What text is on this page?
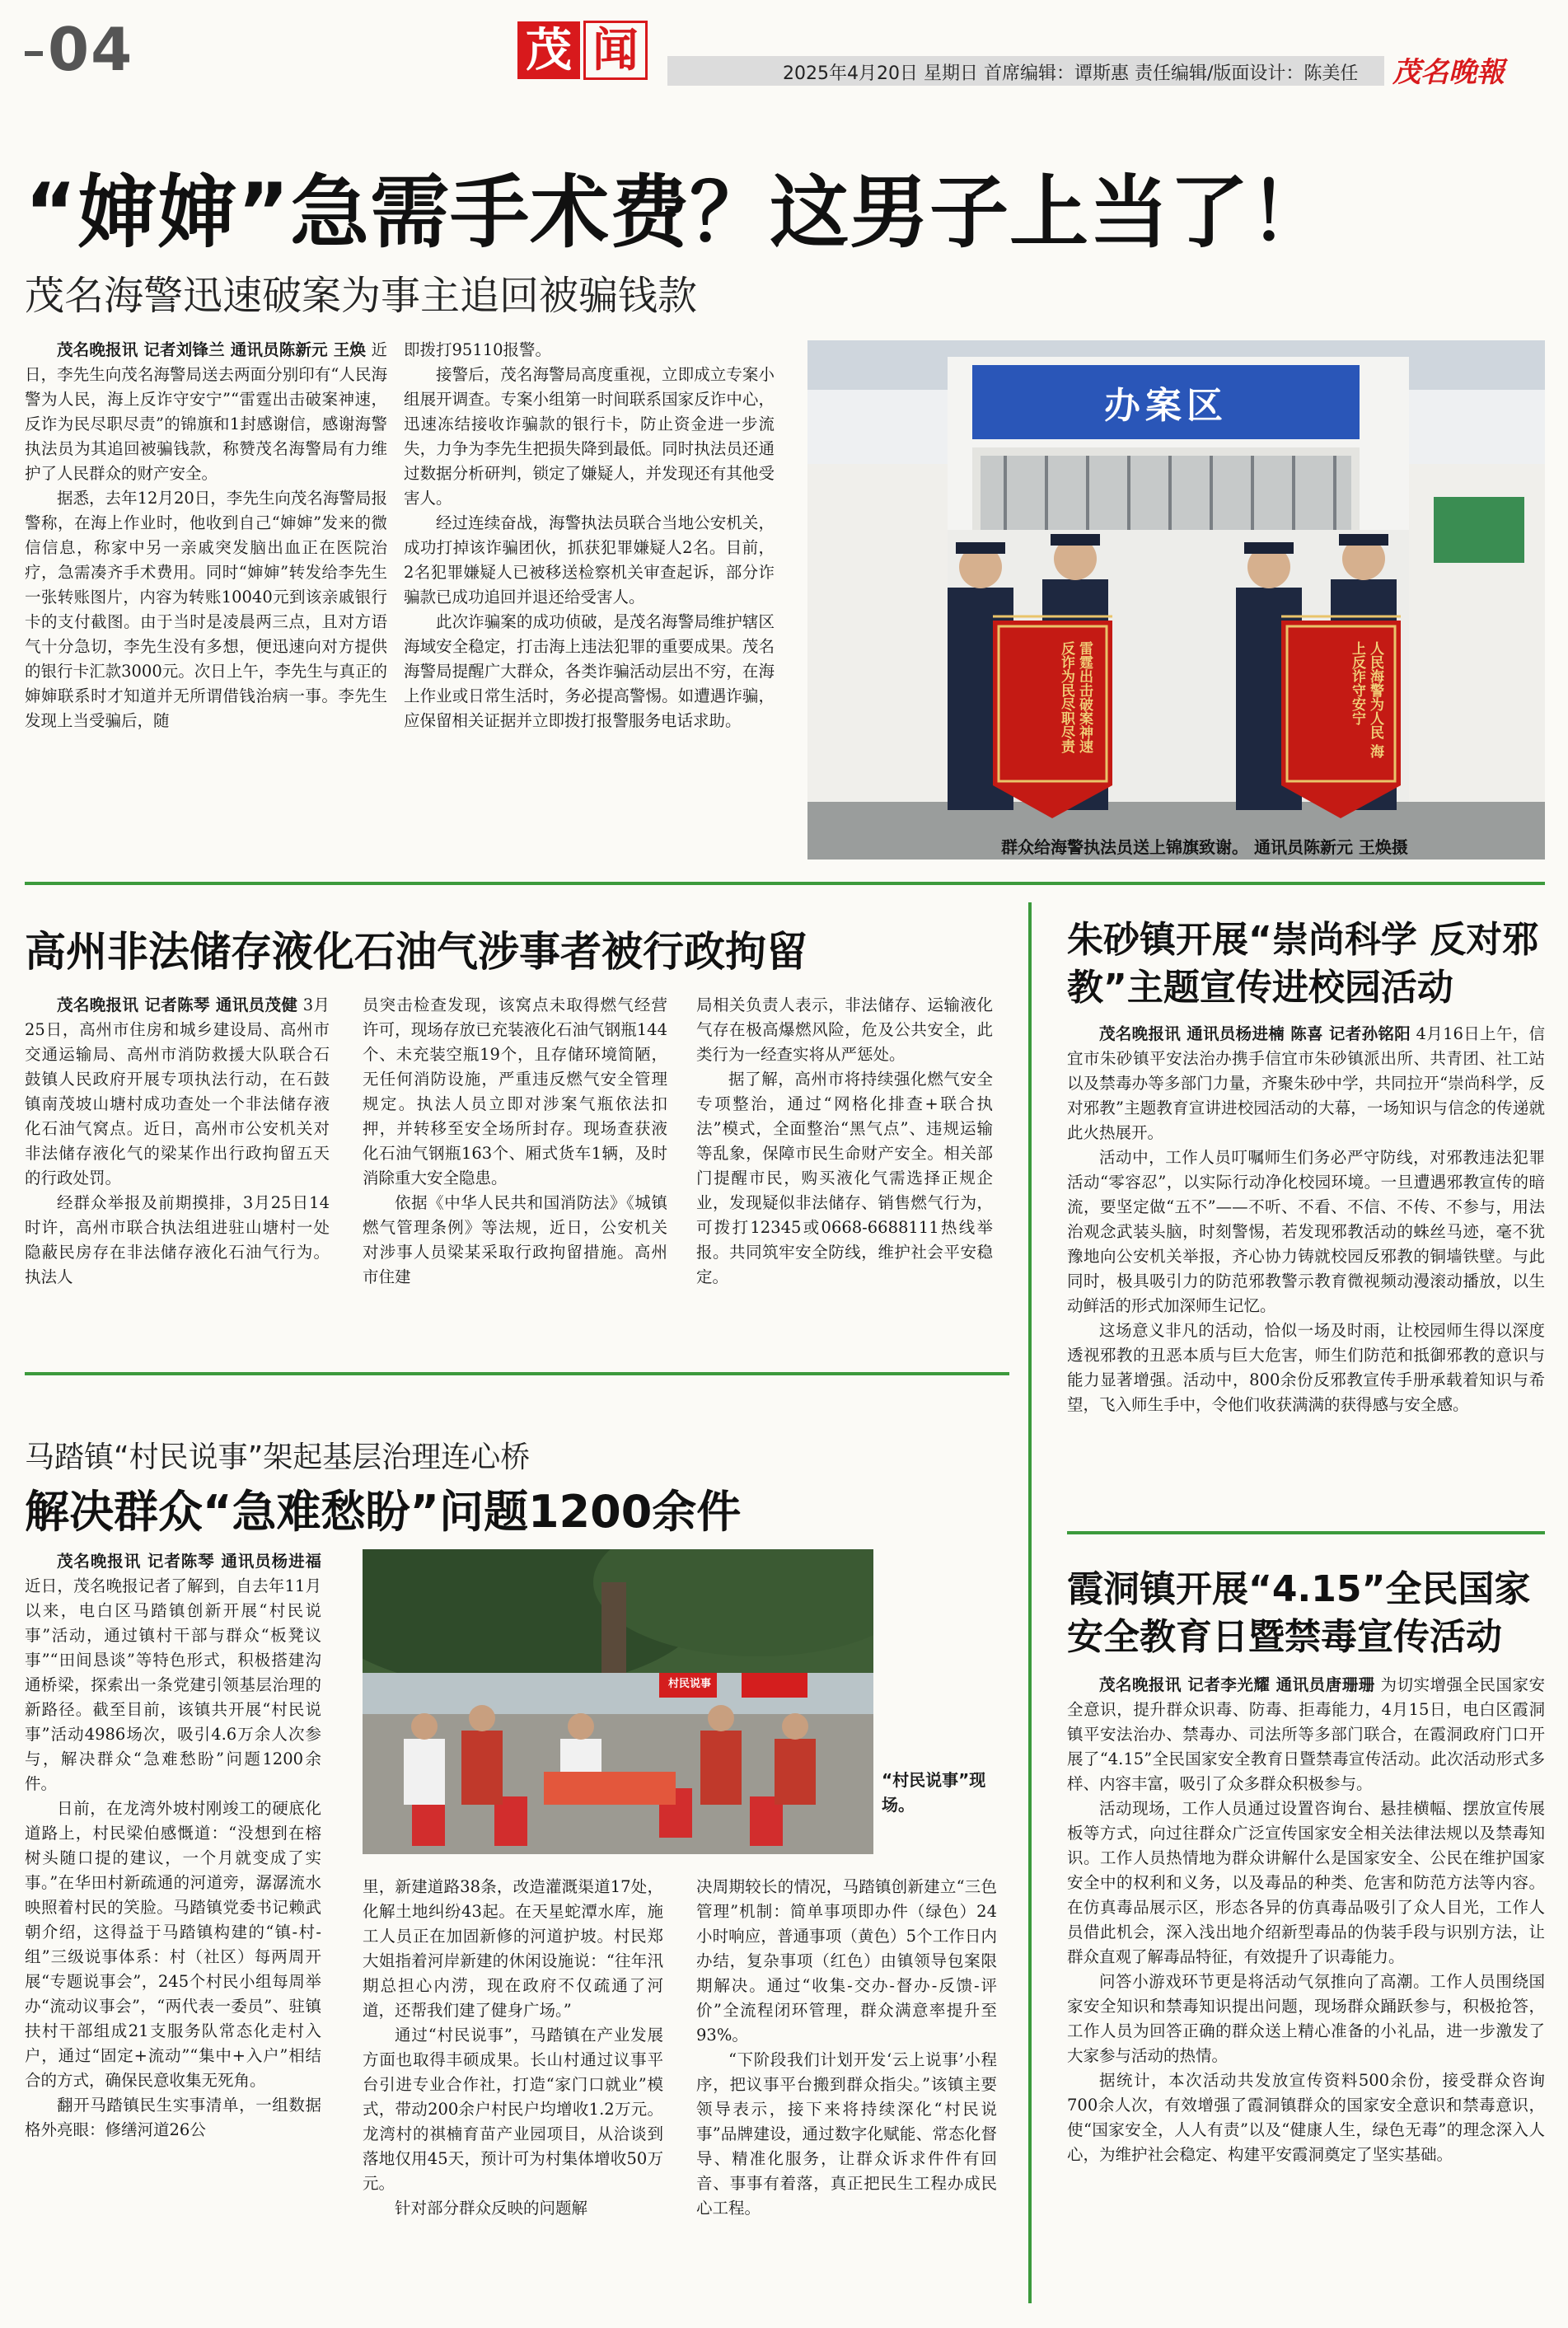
04	茂 闻	2025年4月20日 星期日 首席编辑：谭斯惠 责任编辑/版面设计：陈美任 茂名晚報
“婶婶”急需手术费？这男子上当了！
茂名海警迅速破案为事主追回被骗钱款

茂名晚报讯 记者刘锋兰 通讯员陈新元 王焕 近日，李先生向茂名海警局送去两面分别印有“人民海警为人民，海上反诈守安宁”“雷霆出击破案神速，反诈为民尽职尽责”的锦旗和1封感谢信，感谢海警执法员为其追回被骗钱款，称赞茂名海警局有力维护了人民群众的财产安全。

据悉，去年12月20日，李先生向茂名海警局报警称，在海上作业时，他收到自己“婶婶”发来的微信信息，称家中另一亲戚突发脑出血正在医院治疗，急需凑齐手术费用。同时“婶婶”转发给李先生一张转账图片，内容为转账10040元到该亲戚银行卡的支付截图。由于当时是凌晨两三点，且对方语气十分急切，李先生没有多想，便迅速向对方提供的银行卡汇款3000元。次日上午，李先生与真正的婶婶联系时才知道并无所谓借钱治病一事。李先生发现上当受骗后，随

即拨打95110报警。

接警后，茂名海警局高度重视，立即成立专案小组展开调查。专案小组第一时间联系国家反诈中心，迅速冻结接收诈骗款的银行卡，防止资金进一步流失，力争为李先生把损失降到最低。同时执法员还通过数据分析研判，锁定了嫌疑人，并发现还有其他受害人。

经过连续奋战，海警执法员联合当地公安机关，成功打掉该诈骗团伙，抓获犯罪嫌疑人2名。目前，2名犯罪嫌疑人已被移送检察机关审查起诉，部分诈骗款已成功追回并退还给受害人。

此次诈骗案的成功侦破，是茂名海警局维护辖区海域安全稳定，打击海上违法犯罪的重要成果。茂名海警局提醒广大群众，各类诈骗活动层出不穷，在海上作业或日常生活时，务必提高警惕。如遭遇诈骗，应保留相关证据并立即拨打报警服务电话求助。

办案区
雷霆出击破案神速 反诈为民尽职尽责	人民海警为人民 海上反诈守安宁
群众给海警执法员送上锦旗致谢。 通讯员陈新元 王焕摄
高州非法储存液化石油气涉事者被行政拘留

茂名晚报讯 记者陈琴 通讯员茂健 3月25日，高州市住房和城乡建设局、高州市交通运输局、高州市消防救援大队联合石鼓镇人民政府开展专项执法行动，在石鼓镇南茂坡山塘村成功查处一个非法储存液化石油气窝点。近日，高州市公安机关对非法储存液化气的梁某作出行政拘留五天的行政处罚。

经群众举报及前期摸排，3月25日14时许，高州市联合执法组进驻山塘村一处隐蔽民房存在非法储存液化石油气行为。执法人

员突击检查发现，该窝点未取得燃气经营许可，现场存放已充装液化石油气钢瓶144个、未充装空瓶19个，且存储环境简陋，无任何消防设施，严重违反燃气安全管理规定。执法人员立即对涉案气瓶依法扣押，并转移至安全场所封存。现场查获液化石油气钢瓶163个、厢式货车1辆，及时消除重大安全隐患。

依据《中华人民共和国消防法》《城镇燃气管理条例》等法规，近日，公安机关对涉事人员梁某采取行政拘留措施。高州市住建

局相关负责人表示，非法储存、运输液化气存在极高爆燃风险，危及公共安全，此类行为一经查实将从严惩处。

据了解，高州市将持续强化燃气安全专项整治，通过“网格化排查+联合执法”模式，全面整治“黑气点”、违规运输等乱象，保障市民生命财产安全。相关部门提醒市民，购买液化气需选择正规企业，发现疑似非法储存、销售燃气行为，可拨打12345或0668-6688111热线举报。共同筑牢安全防线，维护社会平安稳定。

马踏镇“村民说事”架起基层治理连心桥
解决群众“急难愁盼”问题1200余件

茂名晚报讯 记者陈琴 通讯员杨进福 近日，茂名晚报记者了解到，自去年11月以来，电白区马踏镇创新开展“村民说事”活动，通过镇村干部与群众“板凳议事”“田间恳谈”等特色形式，积极搭建沟通桥梁，探索出一条党建引领基层治理的新路径。截至目前，该镇共开展“村民说事”活动4986场次，吸引4.6万余人次参与，解决群众“急难愁盼”问题1200余件。

日前，在龙湾外坡村刚竣工的硬底化道路上，村民梁伯感慨道：“没想到在榕树头随口提的建议，一个月就变成了实事。”在华田村新疏通的河道旁，潺潺流水映照着村民的笑脸。马踏镇党委书记赖武朝介绍，这得益于马踏镇构建的“镇-村-组”三级说事体系：村（社区）每两周开展“专题说事会”，245个村民小组每周举办“流动议事会”，“两代表一委员”、驻镇扶村干部组成21支服务队常态化走村入户，通过“固定+流动”“集中+入户”相结合的方式，确保民意收集无死角。

翻开马踏镇民生实事清单，一组数据格外亮眼：修缮河道26公

村民说事
“村民说事”现场。

里，新建道路38条，改造灌溉渠道17处，化解土地纠纷43起。在天星蛇潭水库，施工人员正在加固新修的河道护坡。村民郑大姐指着河岸新建的休闲设施说：“往年汛期总担心内涝，现在政府不仅疏通了河道，还帮我们建了健身广场。”

通过“村民说事”，马踏镇在产业发展方面也取得丰硕成果。长山村通过议事平台引进专业合作社，打造“家门口就业”模式，带动200余户村民户均增收1.2万元。龙湾村的祺楠育苗产业园项目，从洽谈到落地仅用45天，预计可为村集体增收50万元。

针对部分群众反映的问题解

决周期较长的情况，马踏镇创新建立“三色管理”机制：简单事项即办件（绿色）24小时响应，普通事项（黄色）5个工作日内办结，复杂事项（红色）由镇领导包案限期解决。通过“收集-交办-督办-反馈-评价”全流程闭环管理，群众满意率提升至93%。

“下阶段我们计划开发‘云上说事’小程序，把议事平台搬到群众指尖。”该镇主要领导表示，接下来将持续深化“村民说事”品牌建设，通过数字化赋能、常态化督导、精准化服务，让群众诉求件件有回音、事事有着落，真正把民生工程办成民心工程。

朱砂镇开展“崇尚科学 反对邪教”主题宣传进校园活动

茂名晚报讯 通讯员杨进楠 陈喜 记者孙铭阳 4月16日上午，信宜市朱砂镇平安法治办携手信宜市朱砂镇派出所、共青团、社工站以及禁毒办等多部门力量，齐聚朱砂中学，共同拉开“崇尚科学，反对邪教”主题教育宣讲进校园活动的大幕，一场知识与信念的传递就此火热展开。

活动中，工作人员叮嘱师生们务必严守防线，对邪教违法犯罪活动“零容忍”，以实际行动净化校园环境。一旦遭遇邪教宣传的暗流，要坚定做“五不”——不听、不看、不信、不传、不参与，用法治观念武装头脑，时刻警惕，若发现邪教活动的蛛丝马迹，毫不犹豫地向公安机关举报，齐心协力铸就校园反邪教的铜墙铁壁。与此同时，极具吸引力的防范邪教警示教育微视频动漫滚动播放，以生动鲜活的形式加深师生记忆。

这场意义非凡的活动，恰似一场及时雨，让校园师生得以深度透视邪教的丑恶本质与巨大危害，师生们防范和抵御邪教的意识与能力显著增强。活动中，800余份反邪教宣传手册承载着知识与希望，飞入师生手中，令他们收获满满的获得感与安全感。

霞洞镇开展“4.15”全民国家安全教育日暨禁毒宣传活动

茂名晚报讯 记者李光耀 通讯员唐珊珊 为切实增强全民国家安全意识，提升群众识毒、防毒、拒毒能力，4月15日，电白区霞洞镇平安法治办、禁毒办、司法所等多部门联合，在霞洞政府门口开展了“4.15”全民国家安全教育日暨禁毒宣传活动。此次活动形式多样、内容丰富，吸引了众多群众积极参与。

活动现场，工作人员通过设置咨询台、悬挂横幅、摆放宣传展板等方式，向过往群众广泛宣传国家安全相关法律法规以及禁毒知识。工作人员热情地为群众讲解什么是国家安全、公民在维护国家安全中的权利和义务，以及毒品的种类、危害和防范方法等内容。在仿真毒品展示区，形态各异的仿真毒品吸引了众人目光，工作人员借此机会，深入浅出地介绍新型毒品的伪装手段与识别方法，让群众直观了解毒品特征，有效提升了识毒能力。

问答小游戏环节更是将活动气氛推向了高潮。工作人员围绕国家安全知识和禁毒知识提出问题，现场群众踊跃参与，积极抢答，工作人员为回答正确的群众送上精心准备的小礼品，进一步激发了大家参与活动的热情。

据统计，本次活动共发放宣传资料500余份，接受群众咨询700余人次，有效增强了霞洞镇群众的国家安全意识和禁毒意识，使“国家安全，人人有责”以及“健康人生，绿色无毒”的理念深入人心，为维护社会稳定、构建平安霞洞奠定了坚实基础。
